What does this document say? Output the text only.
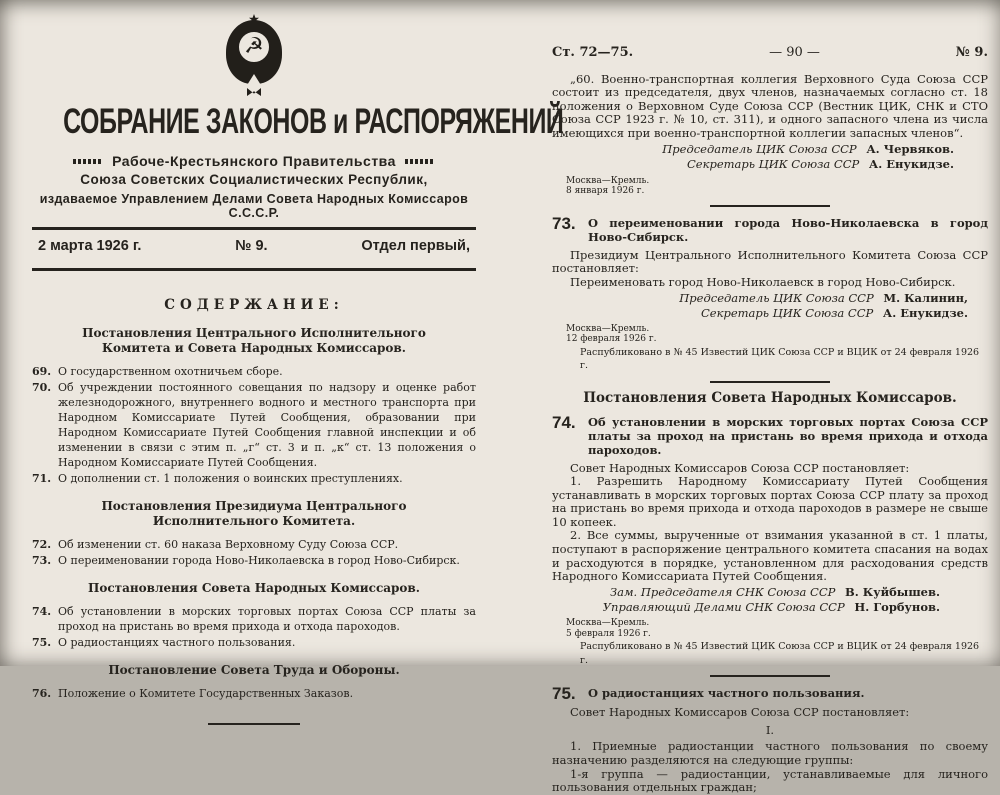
☭
СОБРАНИЕ ЗАКОНОВ и РАСПОРЯЖЕНИЙ
Рабоче-Крестьянского Правительства
Союза Советских Социалистических Республик,
издаваемое Управлением Делами Совета Народных Комиссаров С.С.С.Р.
2 марта 1926 г.	№ 9.	Отдел первый,
СОДЕРЖАНИЕ:
Постановления Центрального Исполнительного Комитета и Совета Народных Комиссаров.
69. О государственном охотничьем сборе.
70. Об учреждении постоянного совещания по надзору и оценке работ железнодорожного, внутреннего водного и местного транспорта при Народном Комиссариате Путей Сообщения, образовании при Народном Комиссариате Путей Сообщения главной инспекции и об изменении в связи с этим п. „г“ ст. 3 и п. „к“ ст. 13 положения о Народном Комиссариате Путей Сообщения.
71. О дополнении ст. 1 положения о воинских преступлениях.
Постановления Президиума Центрального Исполнительного Комитета.
72. Об изменении ст. 60 наказа Верховному Суду Союза ССР.
73. О переименовании города Ново-Николаевска в город Ново-Сибирск.
Постановления Совета Народных Комиссаров.
74. Об установлении в морских торговых портах Союза ССР платы за проход на пристань во время прихода и отхода пароходов.
75. О радиостанциях частного пользования.
Постановление Совета Труда и Обороны.
76. Положение о Комитете Государственных Заказов.
Ст. 72—75.	— 90 —	№ 9.
„60. Военно-транспортная коллегия Верховного Суда Союза ССР состоит из председателя, двух членов, назначаемых согласно ст. 18 положения о Верховном Суде Союза ССР (Вестник ЦИК, СНК и СТО Союза ССР 1923 г. № 10, ст. 311), и одного запасного члена из числа имеющихся при военно-транспортной коллегии запасных членов“.
Председатель ЦИК Союза ССР А. Червяков.
Секретарь ЦИК Союза ССР А. Енукидзе.
Москва—Кремль.
8 января 1926 г.
73.	О переименовании города Ново-Николаевска в город Ново-Сибирск.
Президиум Центрального Исполнительного Комитета Союза ССР постановляет:
Переименовать город Ново-Николаевск в город Ново-Сибирск.
Председатель ЦИК Союза ССР М. Калинин,
Секретарь ЦИК Союза ССР А. Енукидзе.
Москва—Кремль.
12 февраля 1926 г.
Распубликовано в № 45 Известий ЦИК Союза ССР и ВЦИК от 24 февраля 1926 г.
Постановления Совета Народных Комиссаров.
74.	Об установлении в морских торговых портах Союза ССР платы за проход на пристань во время прихода и отхода пароходов.
Совет Народных Комиссаров Союза ССР постановляет:
1. Разрешить Народному Комиссариату Путей Сообщения устанавливать в морских торговых портах Союза ССР плату за проход на пристань во время прихода и отхода пароходов в размере не свыше 10 копеек.
2. Все суммы, вырученные от взимания указанной в ст. 1 платы, поступают в распоряжение центрального комитета спасания на водах и расходуются в порядке, установленном для расходования средств Народного Комиссариата Путей Сообщения.
Зам. Председателя СНК Союза ССР В. Куйбышев.
Управляющий Делами СНК Союза ССР Н. Горбунов.
Москва—Кремль.
5 февраля 1926 г.
Распубликовано в № 45 Известий ЦИК Союза ССР и ВЦИК от 24 февраля 1926 г.
75.	О радиостанциях частного пользования.
Совет Народных Комиссаров Союза ССР постановляет:
I.
1. Приемные радиостанции частного пользования по своему назначению разделяются на следующие группы:
1-я группа — радиостанции, устанавливаемые для личного пользования отдельных граждан;
